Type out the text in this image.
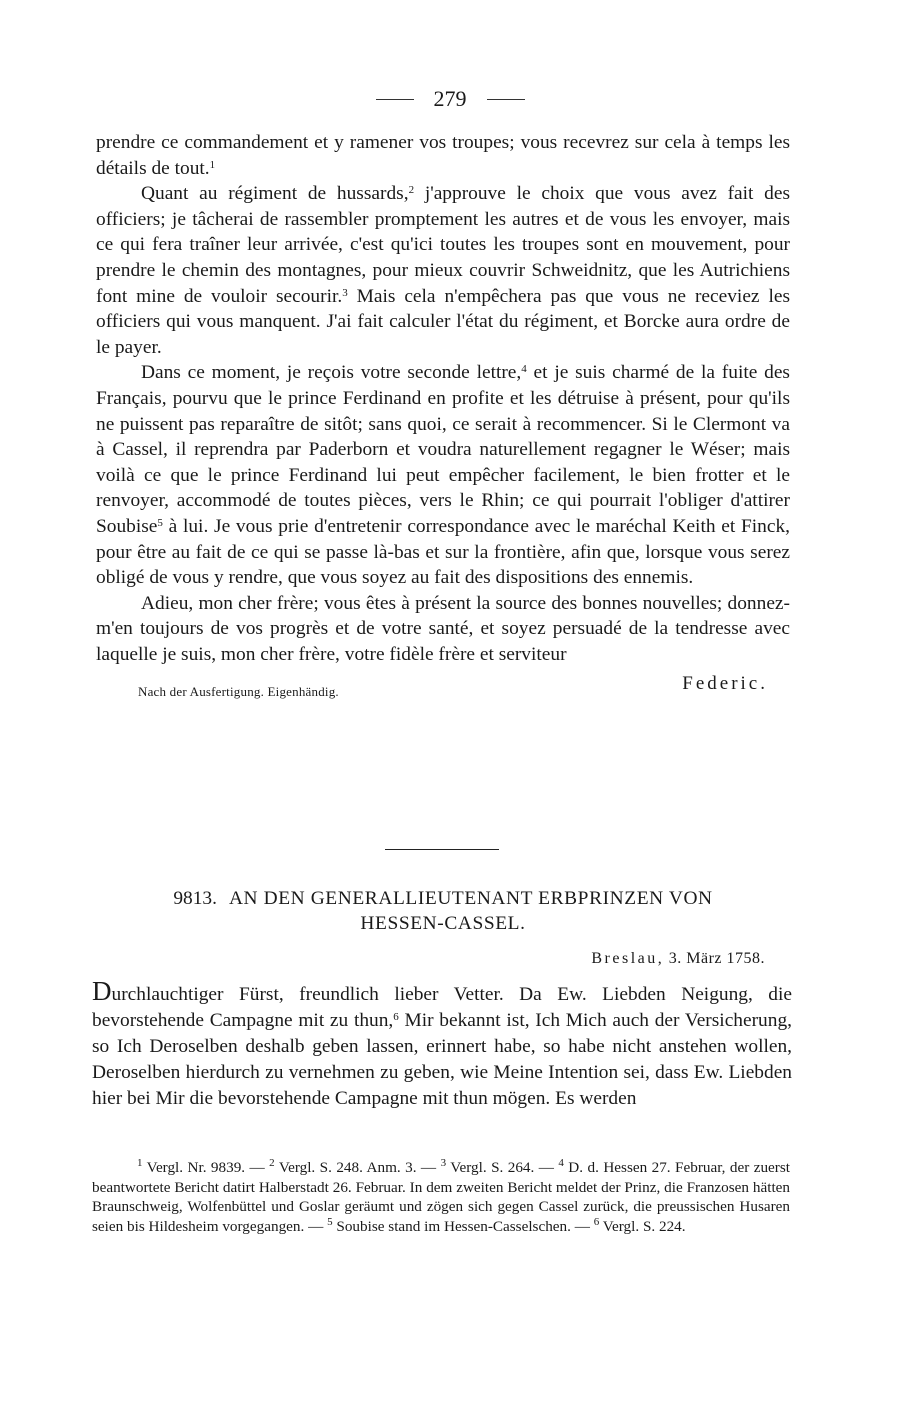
279

prendre ce commandement et y ramener vos troupes; vous recevrez sur cela à temps les détails de tout.$^1$

Quant au régiment de hussards,$^2$ j'approuve le choix que vous avez fait des officiers; je tâcherai de rassembler promptement les autres et de vous les envoyer, mais ce qui fera traîner leur arrivée, c'est qu'ici toutes les troupes sont en mouvement, pour prendre le chemin des montagnes, pour mieux couvrir Schweidnitz, que les Autrichiens font mine de vouloir secourir.$^3$ Mais cela n'empêchera pas que vous ne receviez les officiers qui vous manquent. J'ai fait calculer l'état du régiment, et Borcke aura ordre de le payer.

Dans ce moment, je reçois votre seconde lettre,$^4$ et je suis charmé de la fuite des Français, pourvu que le prince Ferdinand en profite et les détruise à présent, pour qu'ils ne puissent pas reparaître de sitôt; sans quoi, ce serait à recommencer. Si le Clermont va à Cassel, il reprendra par Paderborn et voudra naturellement regagner le Wéser; mais voilà ce que le prince Ferdinand lui peut empêcher facilement, le bien frotter et le renvoyer, accommodé de toutes pièces, vers le Rhin; ce qui pourrait l'obliger d'attirer Soubise$^5$ à lui. Je vous prie d'entretenir correspondance avec le maréchal Keith et Finck, pour être au fait de ce qui se passe là-bas et sur la frontière, afin que, lorsque vous serez obligé de vous y rendre, que vous soyez au fait des dispositions des ennemis.

Adieu, mon cher frère; vous êtes à présent la source des bonnes nouvelles; donnez-m'en toujours de vos progrès et de votre santé, et soyez persuadé de la tendresse avec laquelle je suis, mon cher frère, votre fidèle frère et serviteur

Nach der Ausfertigung. Eigenhändig.	Federic.
9813. AN DEN GENERALLIEUTENANT ERBPRINZEN VON
HESSEN-CASSEL.
Breslau, 3. März 1758.

Durchlauchtiger Fürst, freundlich lieber Vetter. Da Ew. Liebden Neigung, die bevorstehende Campagne mit zu thun,$^6$ Mir bekannt ist, Ich Mich auch der Versicherung, so Ich Deroselben deshalb geben lassen, erinnert habe, so habe nicht anstehen wollen, Deroselben hierdurch zu vernehmen zu geben, wie Meine Intention sei, dass Ew. Liebden hier bei Mir die bevorstehende Campagne mit thun mögen. Es werden

$^1$ Vergl. Nr. 9839. — $^2$ Vergl. S. 248. Anm. 3. — $^3$ Vergl. S. 264. — $^4$ D. d. Hessen 27. Februar, der zuerst beantwortete Bericht datirt Halberstadt 26. Februar. In dem zweiten Bericht meldet der Prinz, die Franzosen hätten Braunschweig, Wolfenbüttel und Goslar geräumt und zögen sich gegen Cassel zurück, die preussischen Husaren seien bis Hildesheim vorgegangen. — $^5$ Soubise stand im Hessen-Casselschen. — $^6$ Vergl. S. 224.
